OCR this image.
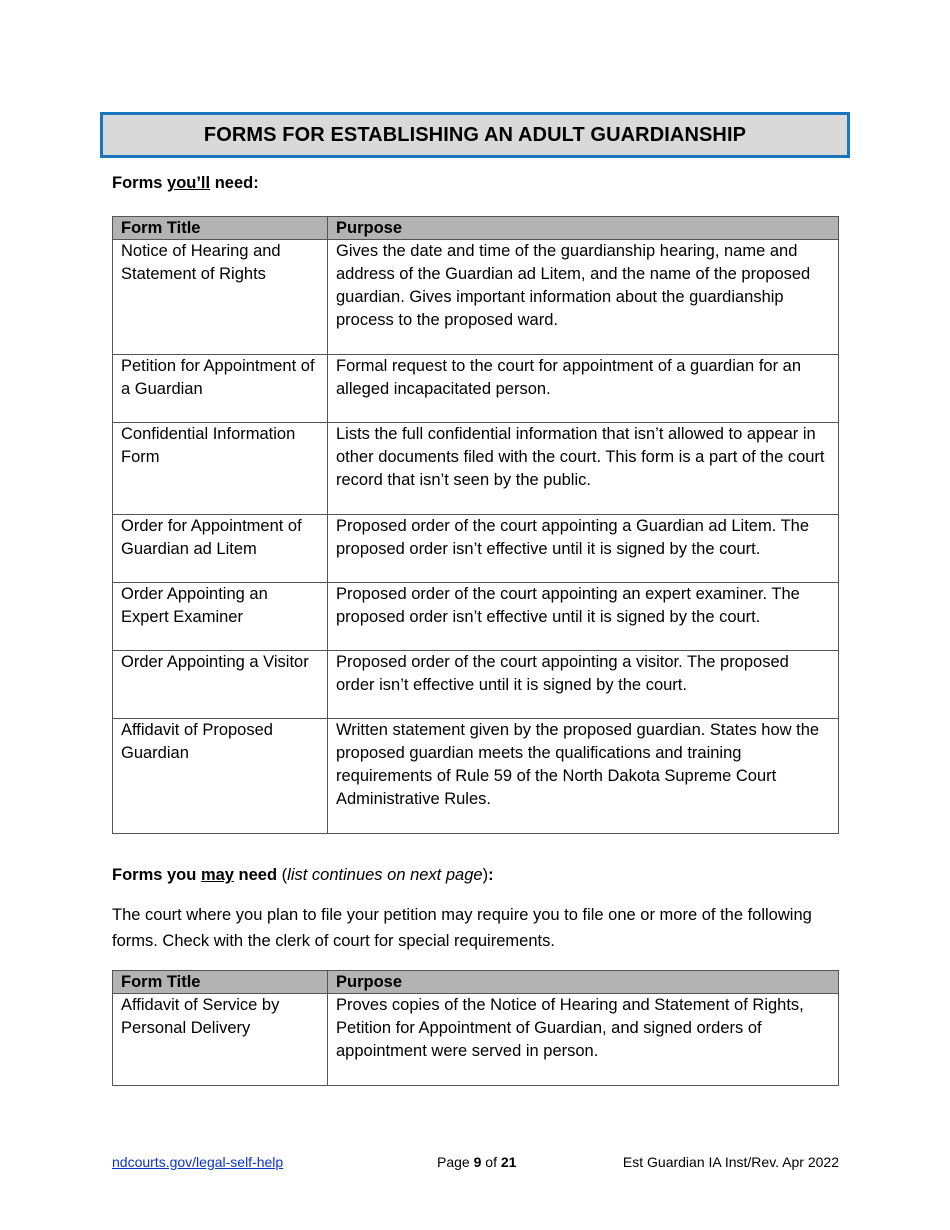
FORMS FOR ESTABLISHING AN ADULT GUARDIANSHIP

Forms you’ll need:

Form Title	Purpose
Notice of Hearing and Statement of Rights	Gives the date and time of the guardianship hearing, name and address of the Guardian ad Litem, and the name of the proposed guardian. Gives important information about the guardianship process to the proposed ward.
Petition for Appointment of a Guardian	Formal request to the court for appointment of a guardian for an alleged incapacitated person.
Confidential Information Form	Lists the full confidential information that isn’t allowed to appear in other documents filed with the court. This form is a part of the court record that isn’t seen by the public.
Order for Appointment of Guardian ad Litem	Proposed order of the court appointing a Guardian ad Litem. The proposed order isn’t effective until it is signed by the court.
Order Appointing an Expert Examiner	Proposed order of the court appointing an expert examiner. The proposed order isn’t effective until it is signed by the court.
Order Appointing a Visitor	Proposed order of the court appointing a visitor. The proposed order isn’t effective until it is signed by the court.
Affidavit of Proposed Guardian	Written statement given by the proposed guardian. States how the proposed guardian meets the qualifications and training requirements of Rule 59 of the North Dakota Supreme Court Administrative Rules.

Forms you may need (list continues on next page):

The court where you plan to file your petition may require you to file one or more of the following forms. Check with the clerk of court for special requirements.

Form Title	Purpose
Affidavit of Service by Personal Delivery	Proves copies of the Notice of Hearing and Statement of Rights, Petition for Appointment of Guardian, and signed orders of appointment were served in person.
ndcourts.gov/legal-self-help	Page 9 of 21	Est Guardian IA Inst/Rev. Apr 2022
